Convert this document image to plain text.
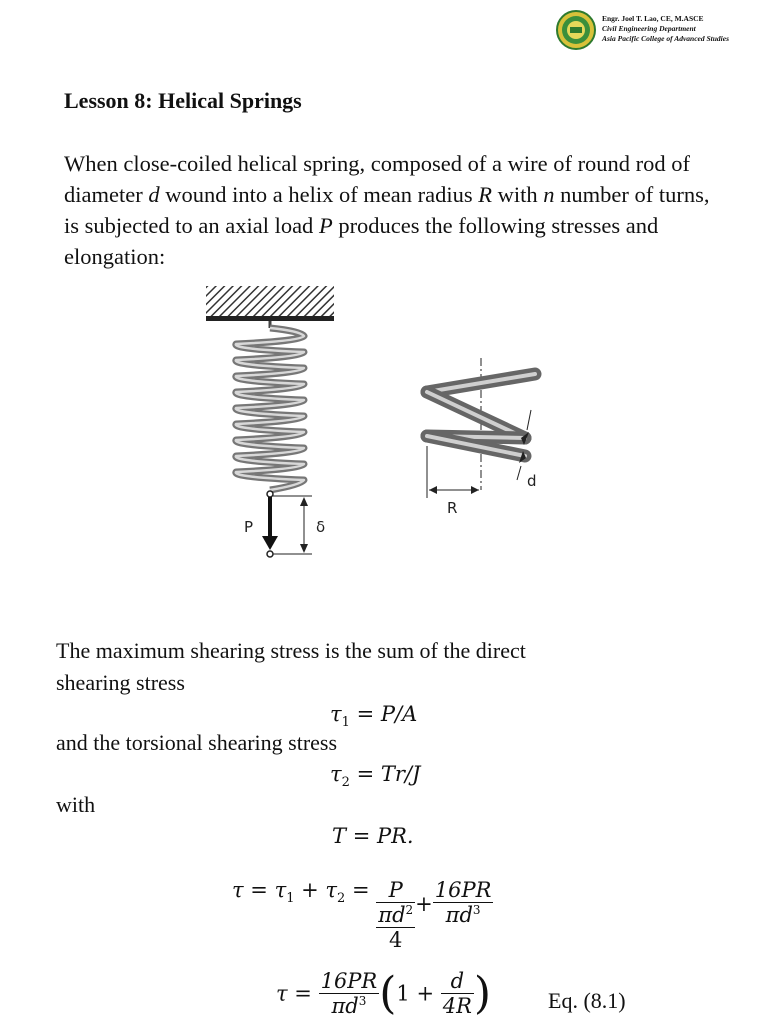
Engr. Joel T. Lao, CE, M.ASCE
Civil Engineering Department
Asia Pacific College of Advanced Studies
Lesson 8: Helical Springs
When close-coiled helical spring, composed of a wire of round rod of diameter d wound into a helix of mean radius R with n number of turns, is subjected to an axial load P produces the following stresses and elongation:
P	δ
R
d
The maximum shearing stress is the sum of the direct
shearing stress
$\tau_1 = P/A$
and the torsional shearing stress
$\tau_2 = Tr/J$
with
T = PR.
$\tau = \tau_1 + \tau_2 = P$
$\pi d^2$
4
+ $\frac{16PR}{\pi d^3}$
$\tau = \frac{16PR}{\pi d^3} (1 + \frac{d}{4R}$ )	Eq. (8.1)
